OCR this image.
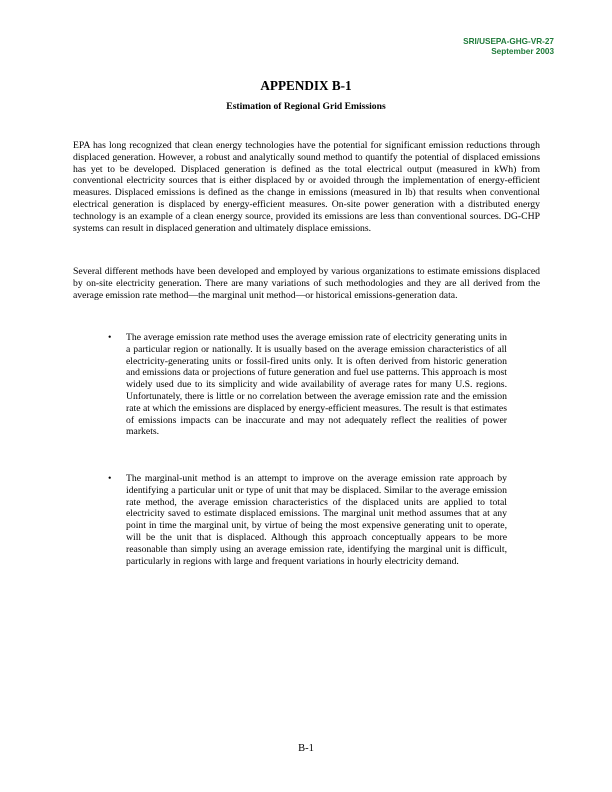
SRI/USEPA-GHG-VR-27
September 2003
APPENDIX B-1
Estimation of Regional Grid Emissions

EPA has long recognized that clean energy technologies have the potential for significant emission reductions through displaced generation. However, a robust and analytically sound method to quantify the potential of displaced emissions has yet to be developed. Displaced generation is defined as the total electrical output (measured in kWh) from conventional electricity sources that is either displaced by or avoided through the implementation of energy-efficient measures. Displaced emissions is defined as the change in emissions (measured in lb) that results when conventional electrical generation is displaced by energy-efficient measures. On-site power generation with a distributed energy technology is an example of a clean energy source, provided its emissions are less than conventional sources. DG-CHP systems can result in displaced generation and ultimately displace emissions.

Several different methods have been developed and employed by various organizations to estimate emissions displaced by on-site electricity generation. There are many variations of such methodologies and they are all derived from the average emission rate method—the marginal unit method—or historical emissions-generation data.

• The average emission rate method uses the average emission rate of electricity generating units in a particular region or nationally. It is usually based on the average emission characteristics of all electricity-generating units or fossil-fired units only. It is often derived from historic generation and emissions data or projections of future generation and fuel use patterns. This approach is most widely used due to its simplicity and wide availability of average rates for many U.S. regions. Unfortunately, there is little or no correlation between the average emission rate and the emission rate at which the emissions are displaced by energy-efficient measures. The result is that estimates of emissions impacts can be inaccurate and may not adequately reflect the realities of power markets.

• The marginal-unit method is an attempt to improve on the average emission rate approach by identifying a particular unit or type of unit that may be displaced. Similar to the average emission rate method, the average emission characteristics of the displaced units are applied to total electricity saved to estimate displaced emissions. The marginal unit method assumes that at any point in time the marginal unit, by virtue of being the most expensive generating unit to operate, will be the unit that is displaced. Although this approach conceptually appears to be more reasonable than simply using an average emission rate, identifying the marginal unit is difficult, particularly in regions with large and frequent variations in hourly electricity demand.

B-1
